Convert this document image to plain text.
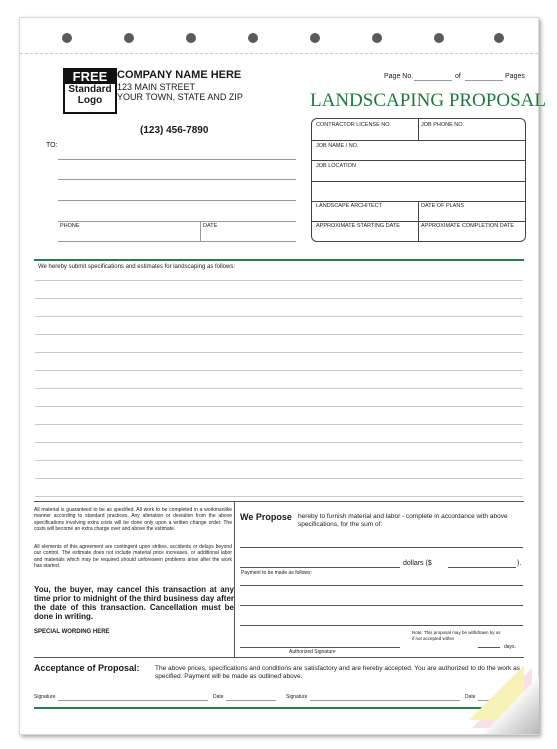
FREE
Standard
Logo
COMPANY NAME HERE
123 MAIN STREET
YOUR TOWN, STATE AND ZIP
(123) 456-7890
TO:
PHONE	DATE
Page No.	of	Pages
LANDSCAPING PROPOSAL
CONTRACTOR LICENSE NO.	JOB PHONE NO.
JOB NAME / NO.
JOB LOCATION
LANDSCAPE ARCHITECT	DATE OF PLANS
APPROXIMATE STARTING DATE	APPROXIMATE COMPLETION DATE
We hereby submit specifications and estimates for landscaping as follows:
All material is guaranteed to be as specified. All work to be completed in a workmanlike manner according to standard practices. Any alteration or deviation from the above specifications involving extra costs will be done only upon a written change order. The costs will become an extra charge over and above the estimate.
All elements of this agreement are contingent upon strikes, accidents or delays beyond our control. The estimate does not include material price increases, or additional labor and materials which may be required should unforeseen problems arise after the work has started.
You, the buyer, may cancel this transaction at any time prior to midnight of the third business day after the date of this transaction. Cancellation must be done in writing.
SPECIAL WORDING HERE
We Propose hereby to furnish material and labor - complete in accordance with above specifications, for the sum of:
dollars ($	).
Payment to be made as follows:
Authorized Signature
Note: This proposal may be withdrawn by us if not accepted within
days.
Acceptance of Proposal: The above prices, specifications and conditions are satisfactory and are hereby accepted. You are authorized to do the work as specified. Payment will be made as outlined above.
Signature	Date	Signature	Date
